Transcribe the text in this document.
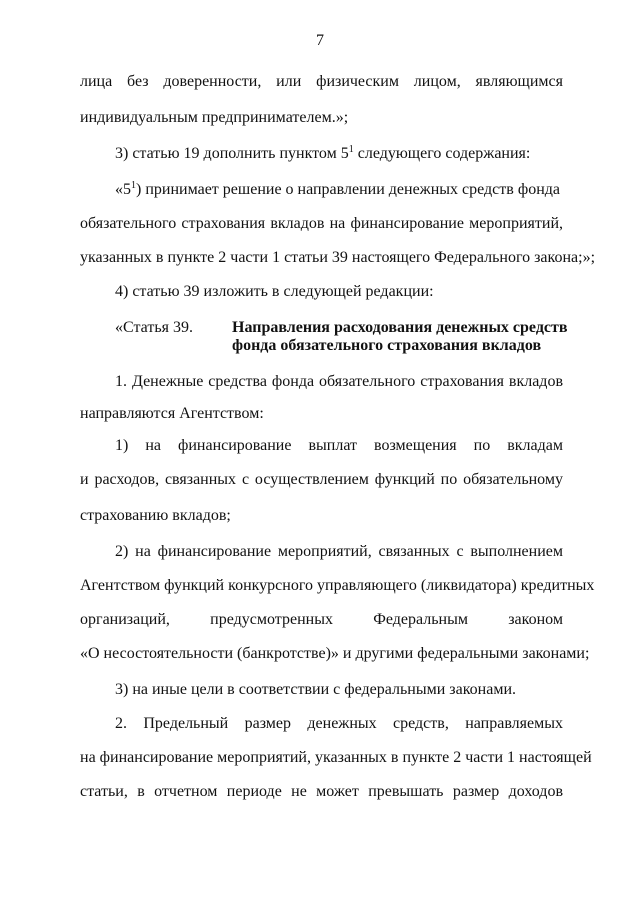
7
лица без доверенности, или физическим лицом, являющимся
индивидуальным предпринимателем.»;
3) статью 19 дополнить пунктом $5^1$ следующего содержания:
«$5^1$) принимает решение о направлении денежных средств фонда
обязательного страхования вкладов на финансирование мероприятий,
указанных в пункте 2 части 1 статьи 39 настоящего Федерального закона;»;
4) статью 39 изложить в следующей редакции:
«Статья 39. Направления расходования денежных средств
фонда обязательного страхования вкладов
1. Денежные средства фонда обязательного страхования вкладов
направляются Агентством:
1) на финансирование выплат возмещения по вкладам
и расходов, связанных с осуществлением функций по обязательному
страхованию вкладов;
2) на финансирование мероприятий, связанных с выполнением
Агентством функций конкурсного управляющего (ликвидатора) кредитных
организаций, предусмотренных Федеральным законом
«О несостоятельности (банкротстве)» и другими федеральными законами;
3) на иные цели в соответствии с федеральными законами.
2. Предельный размер денежных средств, направляемых
на финансирование мероприятий, указанных в пункте 2 части 1 настоящей
статьи, в отчетном периоде не может превышать размер доходов
